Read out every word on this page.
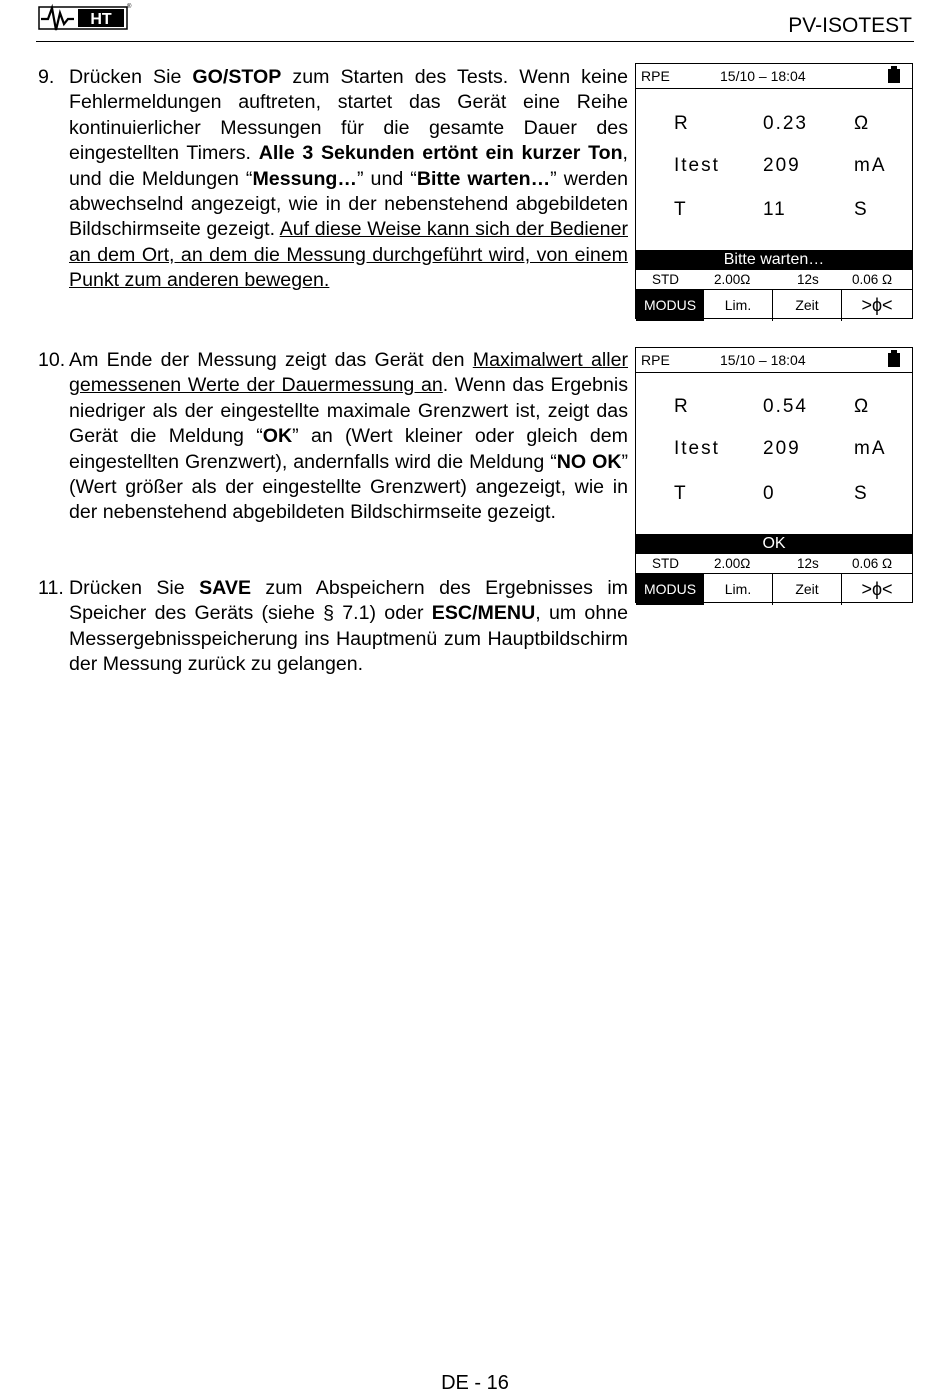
HT
®
PV-ISOTEST
9. Drücken Sie GO/STOP zum Starten des Tests. Wenn keine Fehlermeldungen auftreten, startet das Gerät eine Reihe kontinuierlicher Messungen für die gesamte Dauer des eingestellten Timers. Alle 3 Sekunden ertönt ein kurzer Ton, und die Meldungen “Messung…” und “Bitte warten…” werden abwechselnd angezeigt, wie in der nebenstehend abgebildeten Bildschirmseite gezeigt. Auf diese Weise kann sich der Bediener an dem Ort, an dem die Messung durchgeführt wird, von einem Punkt zum anderen bewegen.
10. Am Ende der Messung zeigt das Gerät den Maximalwert aller gemessenen Werte der Dauermessung an. Wenn das Ergebnis niedriger als der eingestellte maximale Grenzwert ist, zeigt das Gerät die Meldung “OK” an (Wert kleiner oder gleich dem eingestellten Grenzwert), andernfalls wird die Meldung “NO OK” (Wert größer als der eingestellte Grenzwert) angezeigt, wie in der nebenstehend abgebildeten Bildschirmseite gezeigt.
11. Drücken Sie SAVE zum Abspeichern des Ergebnisses im Speicher des Geräts (siehe § 7.1) oder ESC/MENU, um ohne Messergebnisspeicherung ins Hauptmenü zum Hauptbildschirm der Messung zurück zu gelangen.
RPE	15/10 – 18:04
R	0.23 Ω
Itest 209	mA
T	11	S
Bitte warten…
STD	2.00Ω	12s 0.06 Ω
MODUS	Lim.	Zeit	>ϕ<
RPE	15/10 – 18:04
R	0.54 Ω
Itest 209	mA
T	0	S
OK
STD	2.00Ω	12s 0.06 Ω
MODUS	Lim.	Zeit	>ϕ<
DE - 16
